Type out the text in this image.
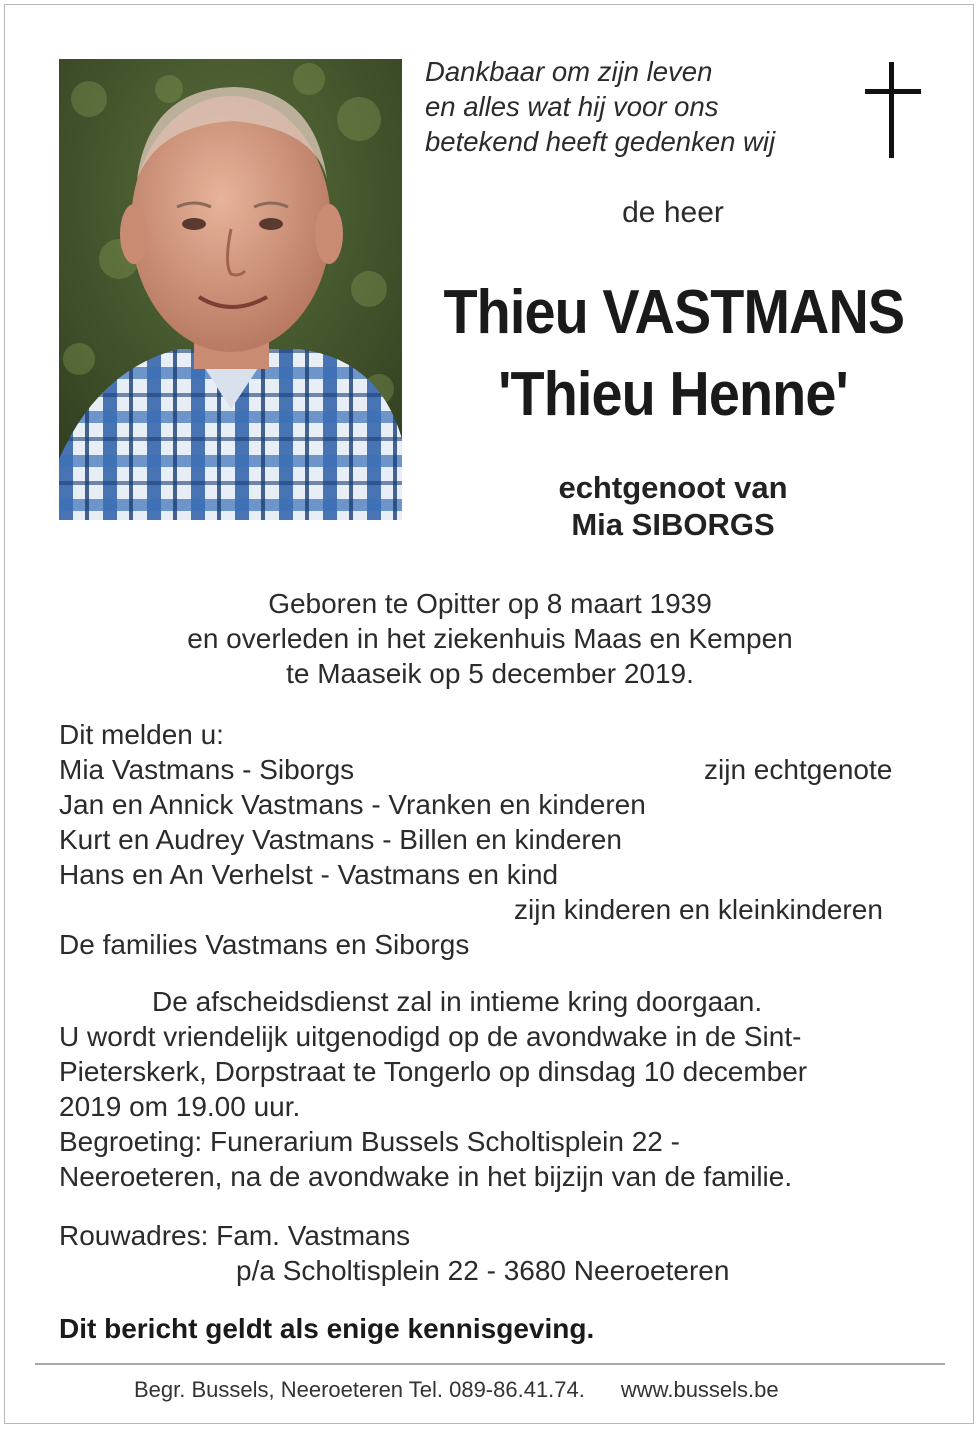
Dankbaar om zijn leven
en alles wat hij voor ons
betekend heeft gedenken wij
de heer
Thieu VASTMANS
'Thieu Henne'
echtgenoot van
Mia SIBORGS
Geboren te Opitter op 8 maart 1939
en overleden in het ziekenhuis Maas en Kempen
te Maaseik op 5 december 2019.
Dit melden u:
Mia Vastmans - Siborgs	zijn echtgenote
Jan en Annick Vastmans - Vranken en kinderen
Kurt en Audrey Vastmans - Billen en kinderen
Hans en An Verhelst - Vastmans en kind
zijn kinderen en kleinkinderen
De families Vastmans en Siborgs
De afscheidsdienst zal in intieme kring doorgaan.
U wordt vriendelijk uitgenodigd op de avondwake in de Sint-
Pieterskerk, Dorpstraat te Tongerlo op dinsdag 10 december
2019 om 19.00 uur.
Begroeting: Funerarium Bussels Scholtisplein 22 -
Neeroeteren, na de avondwake in het bijzijn van de familie.
Rouwadres: Fam. Vastmans
p/a Scholtisplein 22 - 3680 Neeroeteren
Dit bericht geldt als enige kennisgeving.
Begr. Bussels, Neeroeteren Tel. 089-86.41.74. www.bussels.be
